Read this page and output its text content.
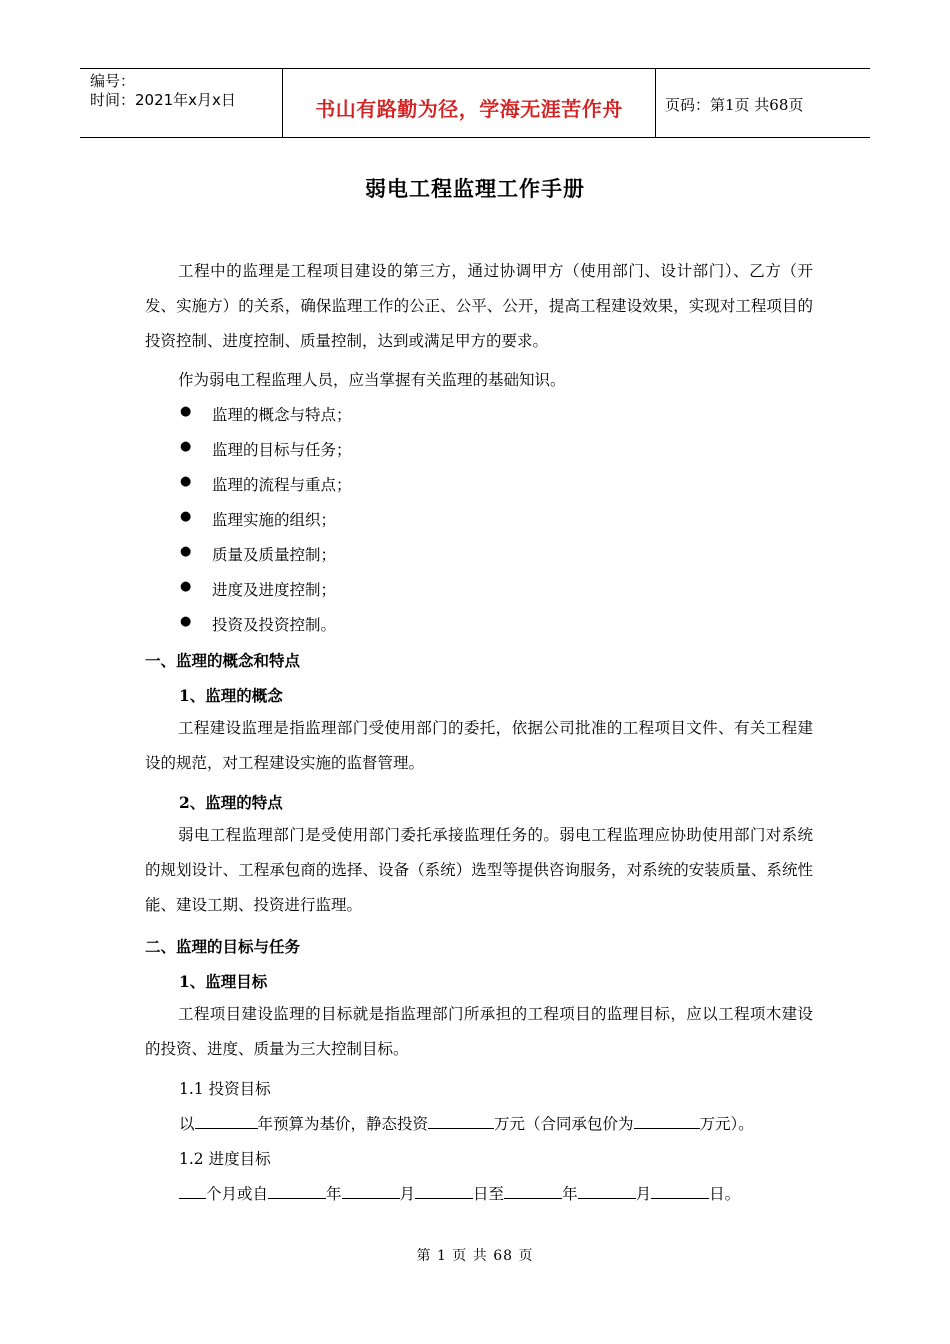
编号：
时间：2021年x月x日	书山有路勤为径，学海无涯苦作舟	页码：第1页 共68页
弱电工程监理工作手册
工程中的监理是工程项目建设的第三方，通过协调甲方（使用部门、设计部门）、乙方（开发、实施方）的关系，确保监理工作的公正、公平、公开，提高工程建设效果，实现对工程项目的投资控制、进度控制、质量控制，达到或满足甲方的要求。
作为弱电工程监理人员，应当掌握有关监理的基础知识。
● 监理的概念与特点；
● 监理的目标与任务；
● 监理的流程与重点；
● 监理实施的组织；
● 质量及质量控制；
● 进度及进度控制；
● 投资及投资控制。
一、监理的概念和特点
1、监理的概念
工程建设监理是指监理部门受使用部门的委托，依据公司批准的工程项目文件、有关工程建设的规范，对工程建设实施的监督管理。
2、监理的特点
弱电工程监理部门是受使用部门委托承接监理任务的。弱电工程监理应协助使用部门对系统的规划设计、工程承包商的选择、设备（系统）选型等提供咨询服务，对系统的安装质量、系统性能、建设工期、投资进行监理。
二、监理的目标与任务
1、监理目标
工程项目建设监理的目标就是指监理部门所承担的工程项目的监理目标，应以工程项木建设的投资、进度、质量为三大控制目标。
1.1 投资目标
以	年预算为基价，静态投资	万元（合同承包价为	万元）。
1.2 进度目标
个月或自	年	月	日至	年	月	日。
第 1 页 共 68 页
